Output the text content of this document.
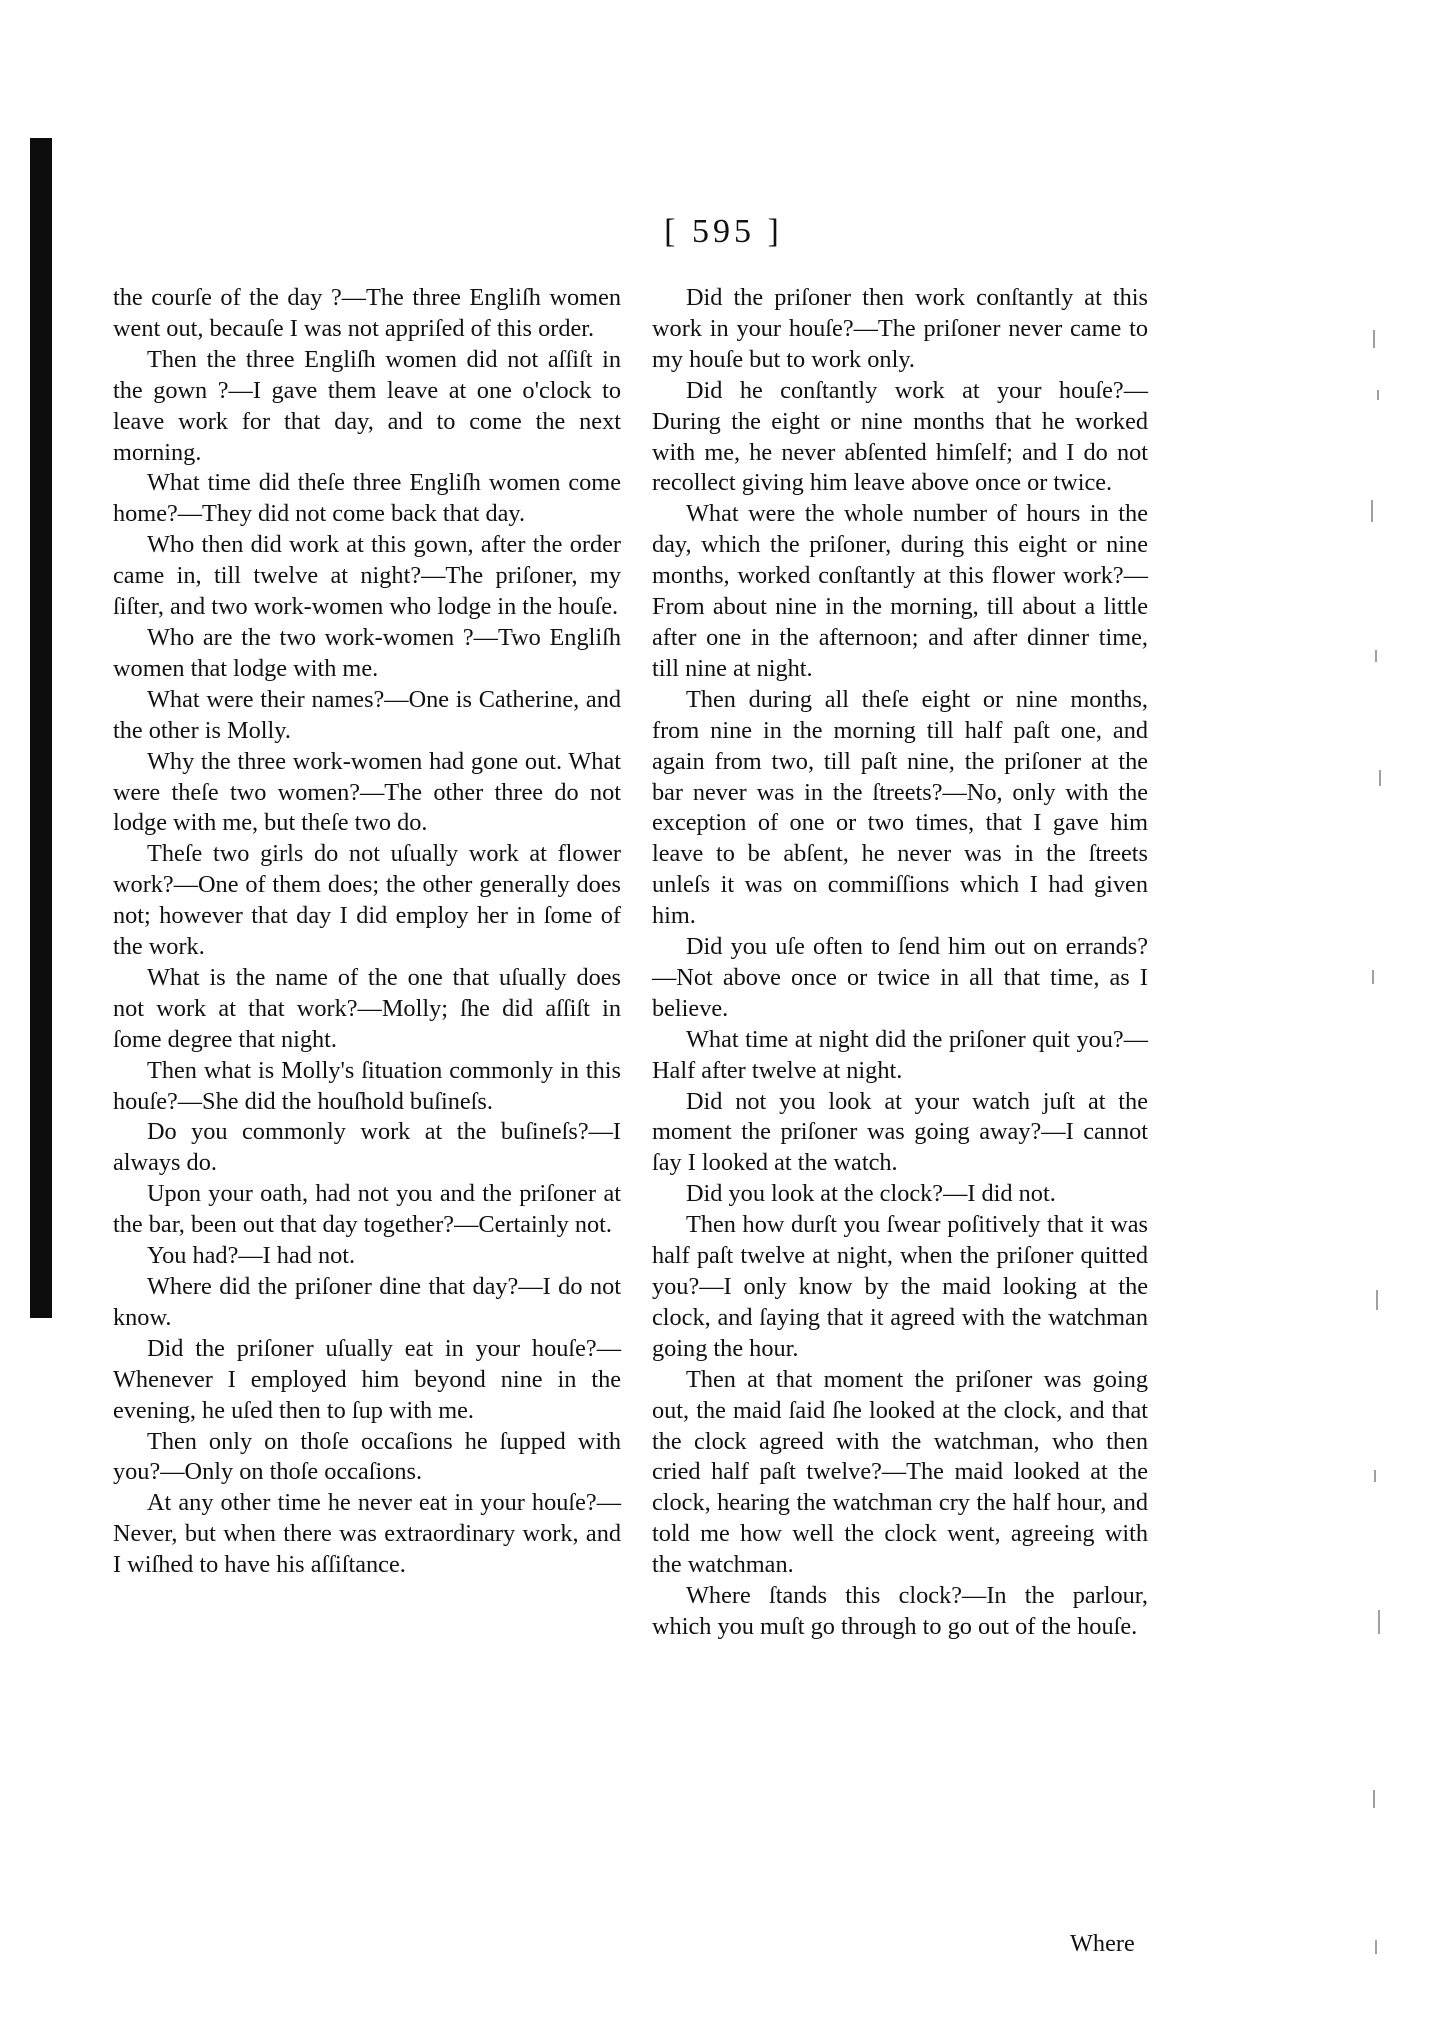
[ 595 ]

the courſe of the day ?—The three Engliſh women went out, becauſe I was not appriſed of this order.

Then the three Engliſh women did not aſſiſt in the gown ?—I gave them leave at one o'clock to leave work for that day, and to come the next morning.

What time did theſe three Engliſh women come home?—They did not come back that day.

Who then did work at this gown, after the order came in, till twelve at night?—The priſoner, my ſiſter, and two work-women who lodge in the houſe.

Who are the two work-women ?—Two Engliſh women that lodge with me.

What were their names?—One is Catherine, and the other is Molly.

Why the three work-women had gone out. What were theſe two women?—The other three do not lodge with me, but theſe two do.

Theſe two girls do not uſually work at flower work?—One of them does; the other generally does not; however that day I did employ her in ſome of the work.

What is the name of the one that uſually does not work at that work?—Molly; ſhe did aſſiſt in ſome degree that night.

Then what is Molly's ſituation commonly in this houſe?—She did the houſhold buſineſs.

Do you commonly work at the buſineſs?—I always do.

Upon your oath, had not you and the priſoner at the bar, been out that day together?—Certainly not.

You had?—I had not.

Where did the priſoner dine that day?—I do not know.

Did the priſoner uſually eat in your houſe?—Whenever I employed him beyond nine in the evening, he uſed then to ſup with me.

Then only on thoſe occaſions he ſupped with you?—Only on thoſe occaſions.

At any other time he never eat in your houſe?—Never, but when there was extraordinary work, and I wiſhed to have his aſſiſtance.

Did the priſoner then work conſtantly at this work in your houſe?—The priſoner never came to my houſe but to work only.

Did he conſtantly work at your houſe?—During the eight or nine months that he worked with me, he never abſented himſelf; and I do not recollect giving him leave above once or twice.

What were the whole number of hours in the day, which the priſoner, during this eight or nine months, worked conſtantly at this flower work?—From about nine in the morning, till about a little after one in the afternoon; and after dinner time, till nine at night.

Then during all theſe eight or nine months, from nine in the morning till half paſt one, and again from two, till paſt nine, the priſoner at the bar never was in the ſtreets?—No, only with the exception of one or two times, that I gave him leave to be abſent, he never was in the ſtreets unleſs it was on commiſſions which I had given him.

Did you uſe often to ſend him out on errands?—Not above once or twice in all that time, as I believe.

What time at night did the priſoner quit you?—Half after twelve at night.

Did not you look at your watch juſt at the moment the priſoner was going away?—I cannot ſay I looked at the watch.

Did you look at the clock?—I did not.

Then how durſt you ſwear poſitively that it was half paſt twelve at night, when the priſoner quitted you?—I only know by the maid looking at the clock, and ſaying that it agreed with the watchman going the hour.

Then at that moment the priſoner was going out, the maid ſaid ſhe looked at the clock, and that the clock agreed with the watchman, who then cried half paſt twelve?—The maid looked at the clock, hearing the watchman cry the half hour, and told me how well the clock went, agreeing with the watchman.

Where ſtands this clock?—In the parlour, which you muſt go through to go out of the houſe.

Where
